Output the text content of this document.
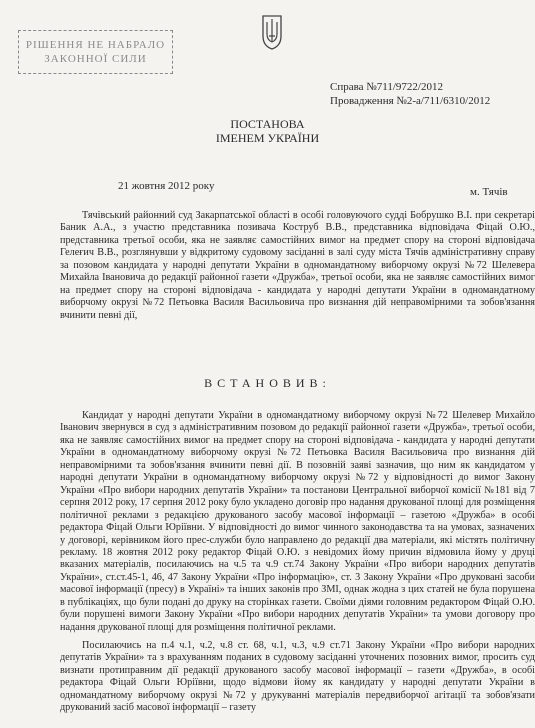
РІШЕННЯ НЕ НАБРАЛО
ЗАКОННОЇ СИЛИ
Справа №711/9722/2012
Провадження №2-а/711/6310/2012
ПОСТАНОВА
ІМЕНЕМ УКРАЇНИ
21 жовтня 2012 року	м. Тячів
Тячівський районний суд Закарпатської області в особі головуючого судді Бобрушко В.І. при секретарі Баник А.А., з участю представника позивача Коструб В.В., представника відповідача Фіцай О.Ю., представника третьої особи, яка не заявляє самостійних вимог на предмет спору на стороні відповідача Гелеғич В.В., розглянувши у відкритому судовому засіданні в залі суду міста Тячів адміністративну справу за позовом кандидата у народні депутати України в одномандатному виборчому окрузі №72 Шелевера Михайла Івановича до редакції районної газети «Дружба», третьої особи, яка не заявляє самостійних вимог на предмет спору на стороні відповідача - кандидата у народні депутати України в одномандатному виборчому окрузі №72 Петьовка Василя Васильовича про визнання дій неправомірними та зобов'язання вчинити певні дії,
ВСТАНОВИВ:
Кандидат у народні депутати України в одномандатному виборчому окрузі №72 Шелевер Михайло Іванович звернувся в суд з адміністративним позовом до редакції районної газети «Дружба», третьої особи, яка не заявляє самостійних вимог на предмет спору на стороні відповідача - кандидата у народні депутати України в одномандатному виборчому окрузі №72 Петьовка Василя Васильовича про визнання дій неправомірними та зобов'язання вчинити певні дії. В позовній заяві зазначив, що ним як кандидатом у народні депутати України в одномандатному виборчому окрузі №72 у відповідності до вимог Закону України «Про вибори народних депутатів України» та постанови Центральної виборчої комісії №181 від 7 серпня 2012 року, 17 серпня 2012 року було укладено договір про надання друкованої площі для розміщення політичної реклами з редакцією друкованого засобу масової інформації – газетою «Дружба» в особі редактора Фіцай Ольги Юріївни. У відповідності до вимог чинного законодавства та на умовах, зазначених у договорі, керівником його прес-служби було направлено до редакції два матеріали, які містять політичну рекламу. 18 жовтня 2012 року редактор Фіцай О.Ю. з невідомих йому причин відмовила йому у друці вказаних матеріалів, посилаючись на ч.5 та ч.9 ст.74 Закону України «Про вибори народних депутатів України», ст.ст.45-1, 46, 47 Закону України «Про інформацію», ст. 3 Закону України «Про друковані засоби масової інформації (пресу) в Україні» та інших законів про ЗМІ, однак жодна з цих статей не була порушена в публікаціях, що були подані до друку на сторінках газети. Своїми діями головним редактором Фіцай О.Ю. були порушені вимоги Закону України «Про вибори народних депутатів України» та умови договору про надання друкованої площі для розміщення політичної реклами.
Посилаючись на п.4 ч.1, ч.2, ч.8 ст. 68, ч.1, ч.3, ч.9 ст.71 Закону України «Про вибори народних депутатів України» та з врахуванням поданих в судовому засіданні уточнених позовних вимог, просить суд визнати протиправним дії редакції друкованого засобу масової інформації – газети «Дружба», в особі редактора Фіцай Ольги Юріївни, щодо відмови йому як кандидату у народні депутати України в одномандатному виборчому окрузі №72 у друкуванні матеріалів передвиборчої агітації та зобов'язати друкований засіб масової інформації – газету
